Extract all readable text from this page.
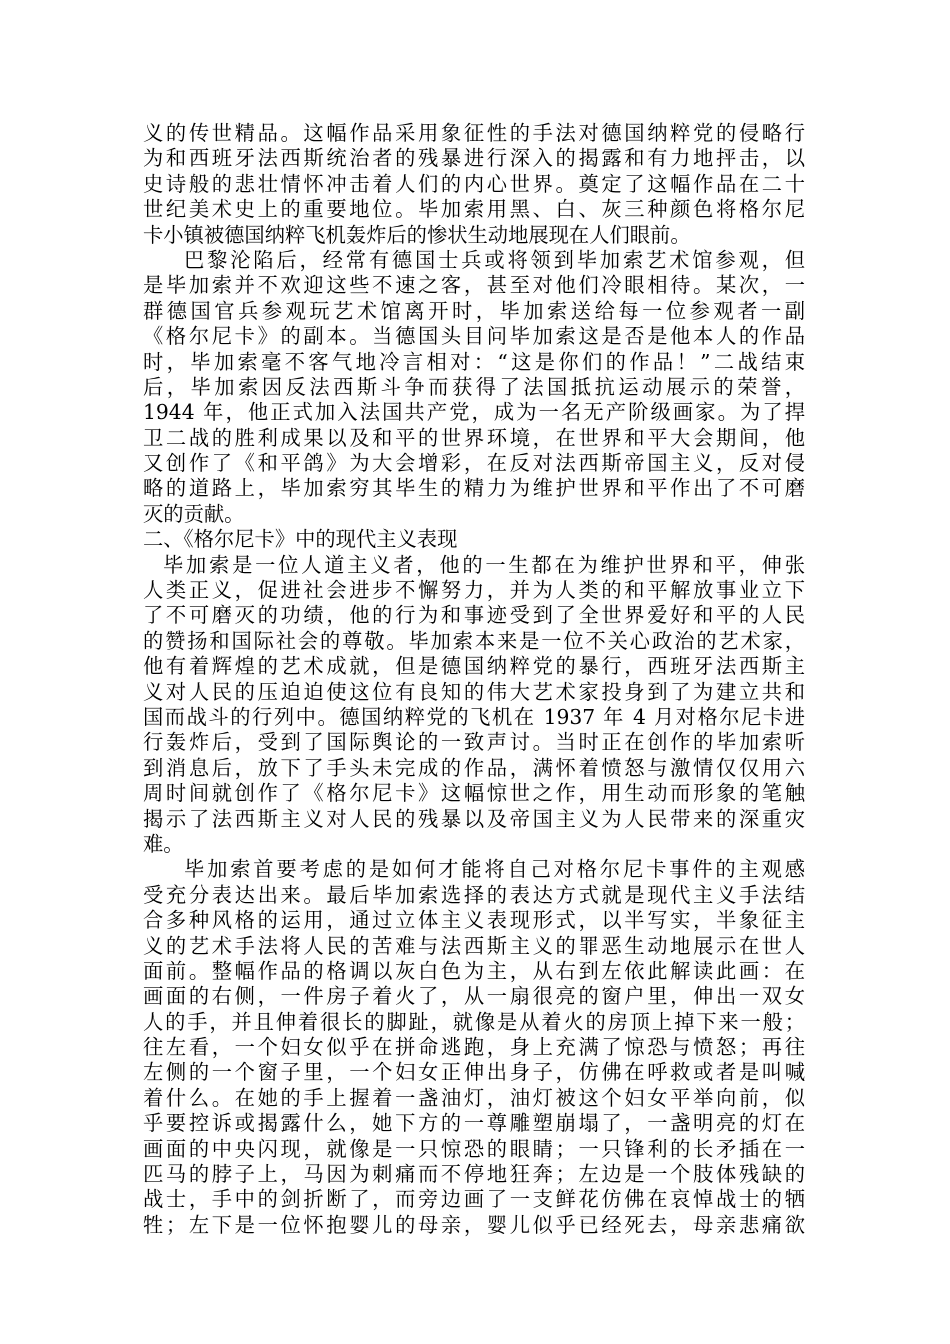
义的传世精品。这幅作品采用象征性的手法对德国纳粹党的侵略行
为和西班牙法西斯统治者的残暴进行深入的揭露和有力地抨击，以
史诗般的悲壮情怀冲击着人们的内心世界。奠定了这幅作品在二十
世纪美术史上的重要地位。毕加索用黑、白、灰三种颜色将格尔尼
卡小镇被德国纳粹飞机轰炸后的惨状生动地展现在人们眼前。
巴黎沦陷后，经常有德国士兵或将领到毕加索艺术馆参观，但
是毕加索并不欢迎这些不速之客，甚至对他们冷眼相待。某次，一
群德国官兵参观玩艺术馆离开时，毕加索送给每一位参观者一副
《格尔尼卡》的副本。当德国头目问毕加索这是否是他本人的作品
时，毕加索毫不客气地冷言相对：“这是你们的作品！”二战结束
后，毕加索因反法西斯斗争而获得了法国抵抗运动展示的荣誉，
1944 年，他正式加入法国共产党，成为一名无产阶级画家。为了捍
卫二战的胜利成果以及和平的世界环境，在世界和平大会期间，他
又创作了《和平鸽》为大会增彩，在反对法西斯帝国主义，反对侵
略的道路上，毕加索穷其毕生的精力为维护世界和平作出了不可磨
灭的贡献。
二、《格尔尼卡》中的现代主义表现
毕加索是一位人道主义者，他的一生都在为维护世界和平，伸张
人类正义，促进社会进步不懈努力，并为人类的和平解放事业立下
了不可磨灭的功绩，他的行为和事迹受到了全世界爱好和平的人民
的赞扬和国际社会的尊敬。毕加索本来是一位不关心政治的艺术家，
他有着辉煌的艺术成就，但是德国纳粹党的暴行，西班牙法西斯主
义对人民的压迫迫使这位有良知的伟大艺术家投身到了为建立共和
国而战斗的行列中。德国纳粹党的飞机在 1937 年 4 月对格尔尼卡进
行轰炸后，受到了国际舆论的一致声讨。当时正在创作的毕加索听
到消息后，放下了手头未完成的作品，满怀着愤怒与激情仅仅用六
周时间就创作了《格尔尼卡》这幅惊世之作，用生动而形象的笔触
揭示了法西斯主义对人民的残暴以及帝国主义为人民带来的深重灾
难。
毕加索首要考虑的是如何才能将自己对格尔尼卡事件的主观感
受充分表达出来。最后毕加索选择的表达方式就是现代主义手法结
合多种风格的运用，通过立体主义表现形式，以半写实，半象征主
义的艺术手法将人民的苦难与法西斯主义的罪恶生动地展示在世人
面前。整幅作品的格调以灰白色为主，从右到左依此解读此画：在
画面的右侧，一件房子着火了，从一扇很亮的窗户里，伸出一双女
人的手，并且伸着很长的脚趾，就像是从着火的房顶上掉下来一般；
往左看，一个妇女似乎在拼命逃跑，身上充满了惊恐与愤怒；再往
左侧的一个窗子里，一个妇女正伸出身子，仿佛在呼救或者是叫喊
着什么。在她的手上握着一盏油灯，油灯被这个妇女平举向前，似
乎要控诉或揭露什么，她下方的一尊雕塑崩塌了，一盏明亮的灯在
画面的中央闪现，就像是一只惊恐的眼睛；一只锋利的长矛插在一
匹马的脖子上，马因为刺痛而不停地狂奔；左边是一个肢体残缺的
战士，手中的剑折断了，而旁边画了一支鲜花仿佛在哀悼战士的牺
牲；左下是一位怀抱婴儿的母亲，婴儿似乎已经死去，母亲悲痛欲
